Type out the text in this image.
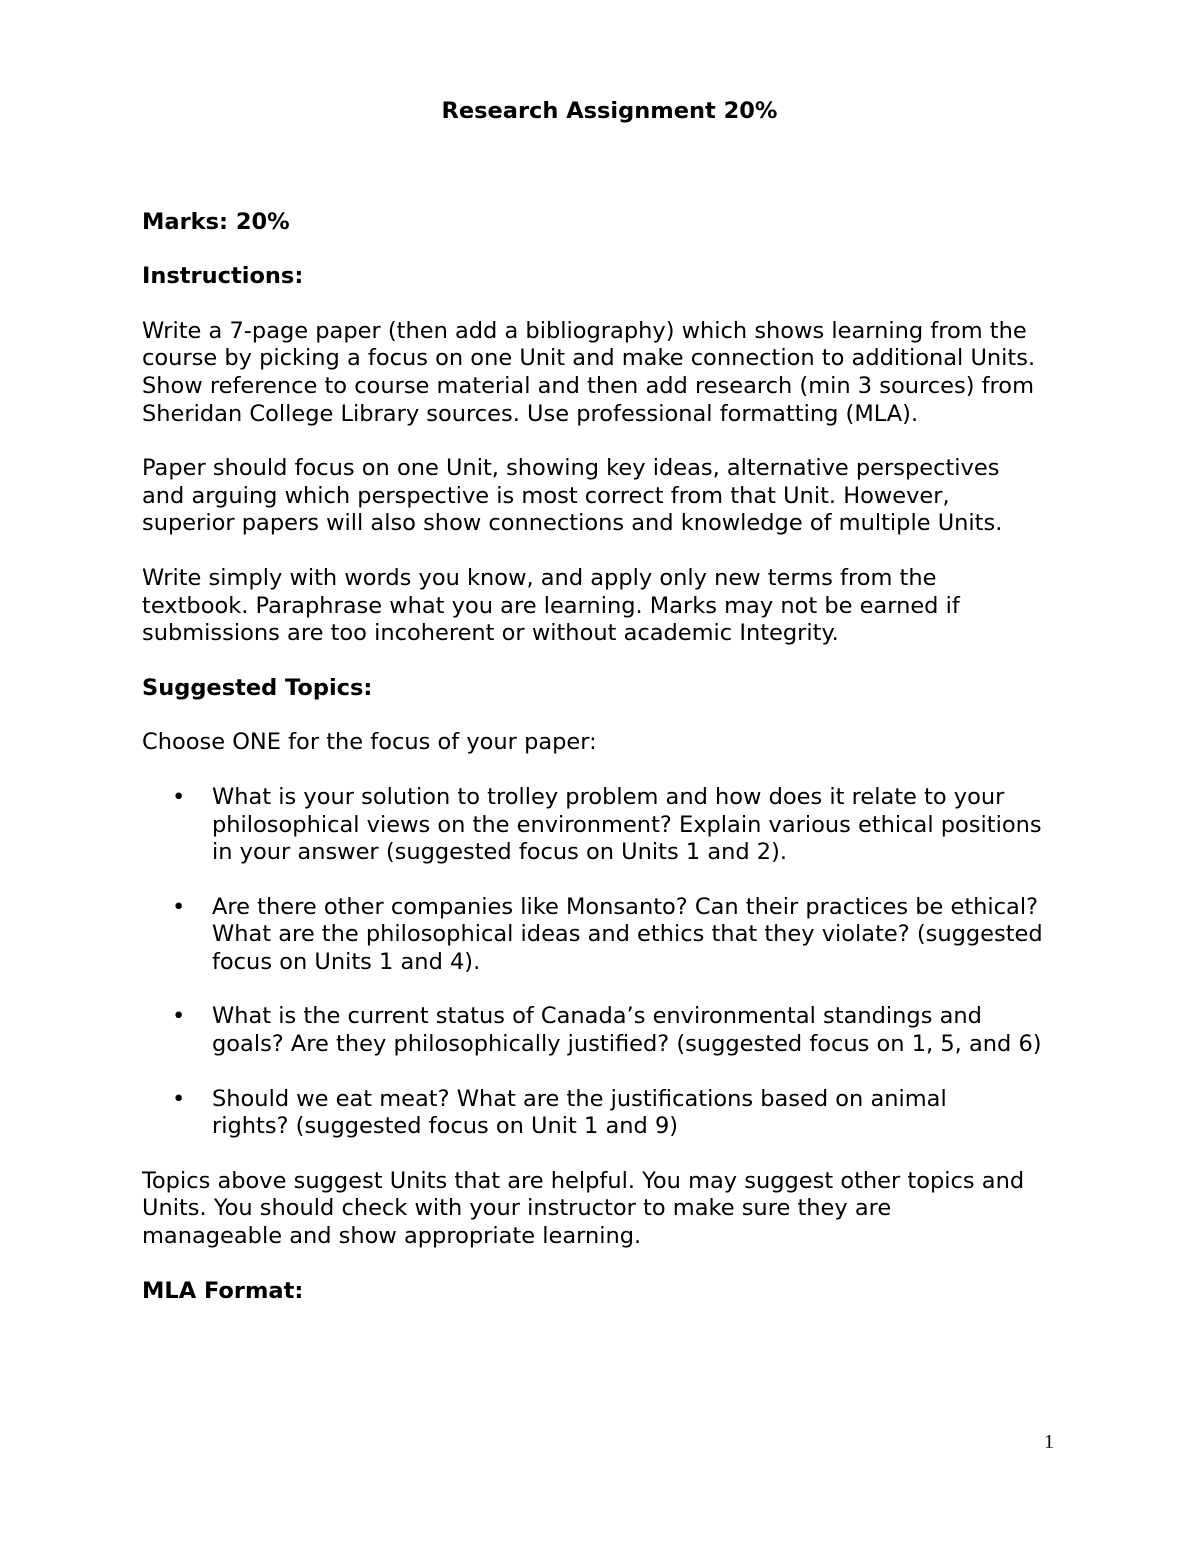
Research Assignment 20%

Marks: 20%

Instructions:

Write a 7-page paper (then add a bibliography) which shows learning from the course by picking a focus on one Unit and make connection to additional Units. Show reference to course material and then add research (min 3 sources) from Sheridan College Library sources. Use professional formatting (MLA).

Paper should focus on one Unit, showing key ideas, alternative perspectives and arguing which perspective is most correct from that Unit. However, superior papers will also show connections and knowledge of multiple Units.

Write simply with words you know, and apply only new terms from the textbook. Paraphrase what you are learning. Marks may not be earned if submissions are too incoherent or without academic Integrity.

Suggested Topics:

Choose ONE for the focus of your paper:

• What is your solution to trolley problem and how does it relate to your philosophical views on the environment? Explain various ethical positions in your answer (suggested focus on Units 1 and 2).
• Are there other companies like Monsanto? Can their practices be ethical? What are the philosophical ideas and ethics that they violate? (suggested focus on Units 1 and 4).
• What is the current status of Canada’s environmental standings and goals? Are they philosophically justified? (suggested focus on 1, 5, and 6)
• Should we eat meat? What are the justifications based on animal rights? (suggested focus on Unit 1 and 9)

Topics above suggest Units that are helpful. You may suggest other topics and Units. You should check with your instructor to make sure they are manageable and show appropriate learning.

MLA Format:

1
